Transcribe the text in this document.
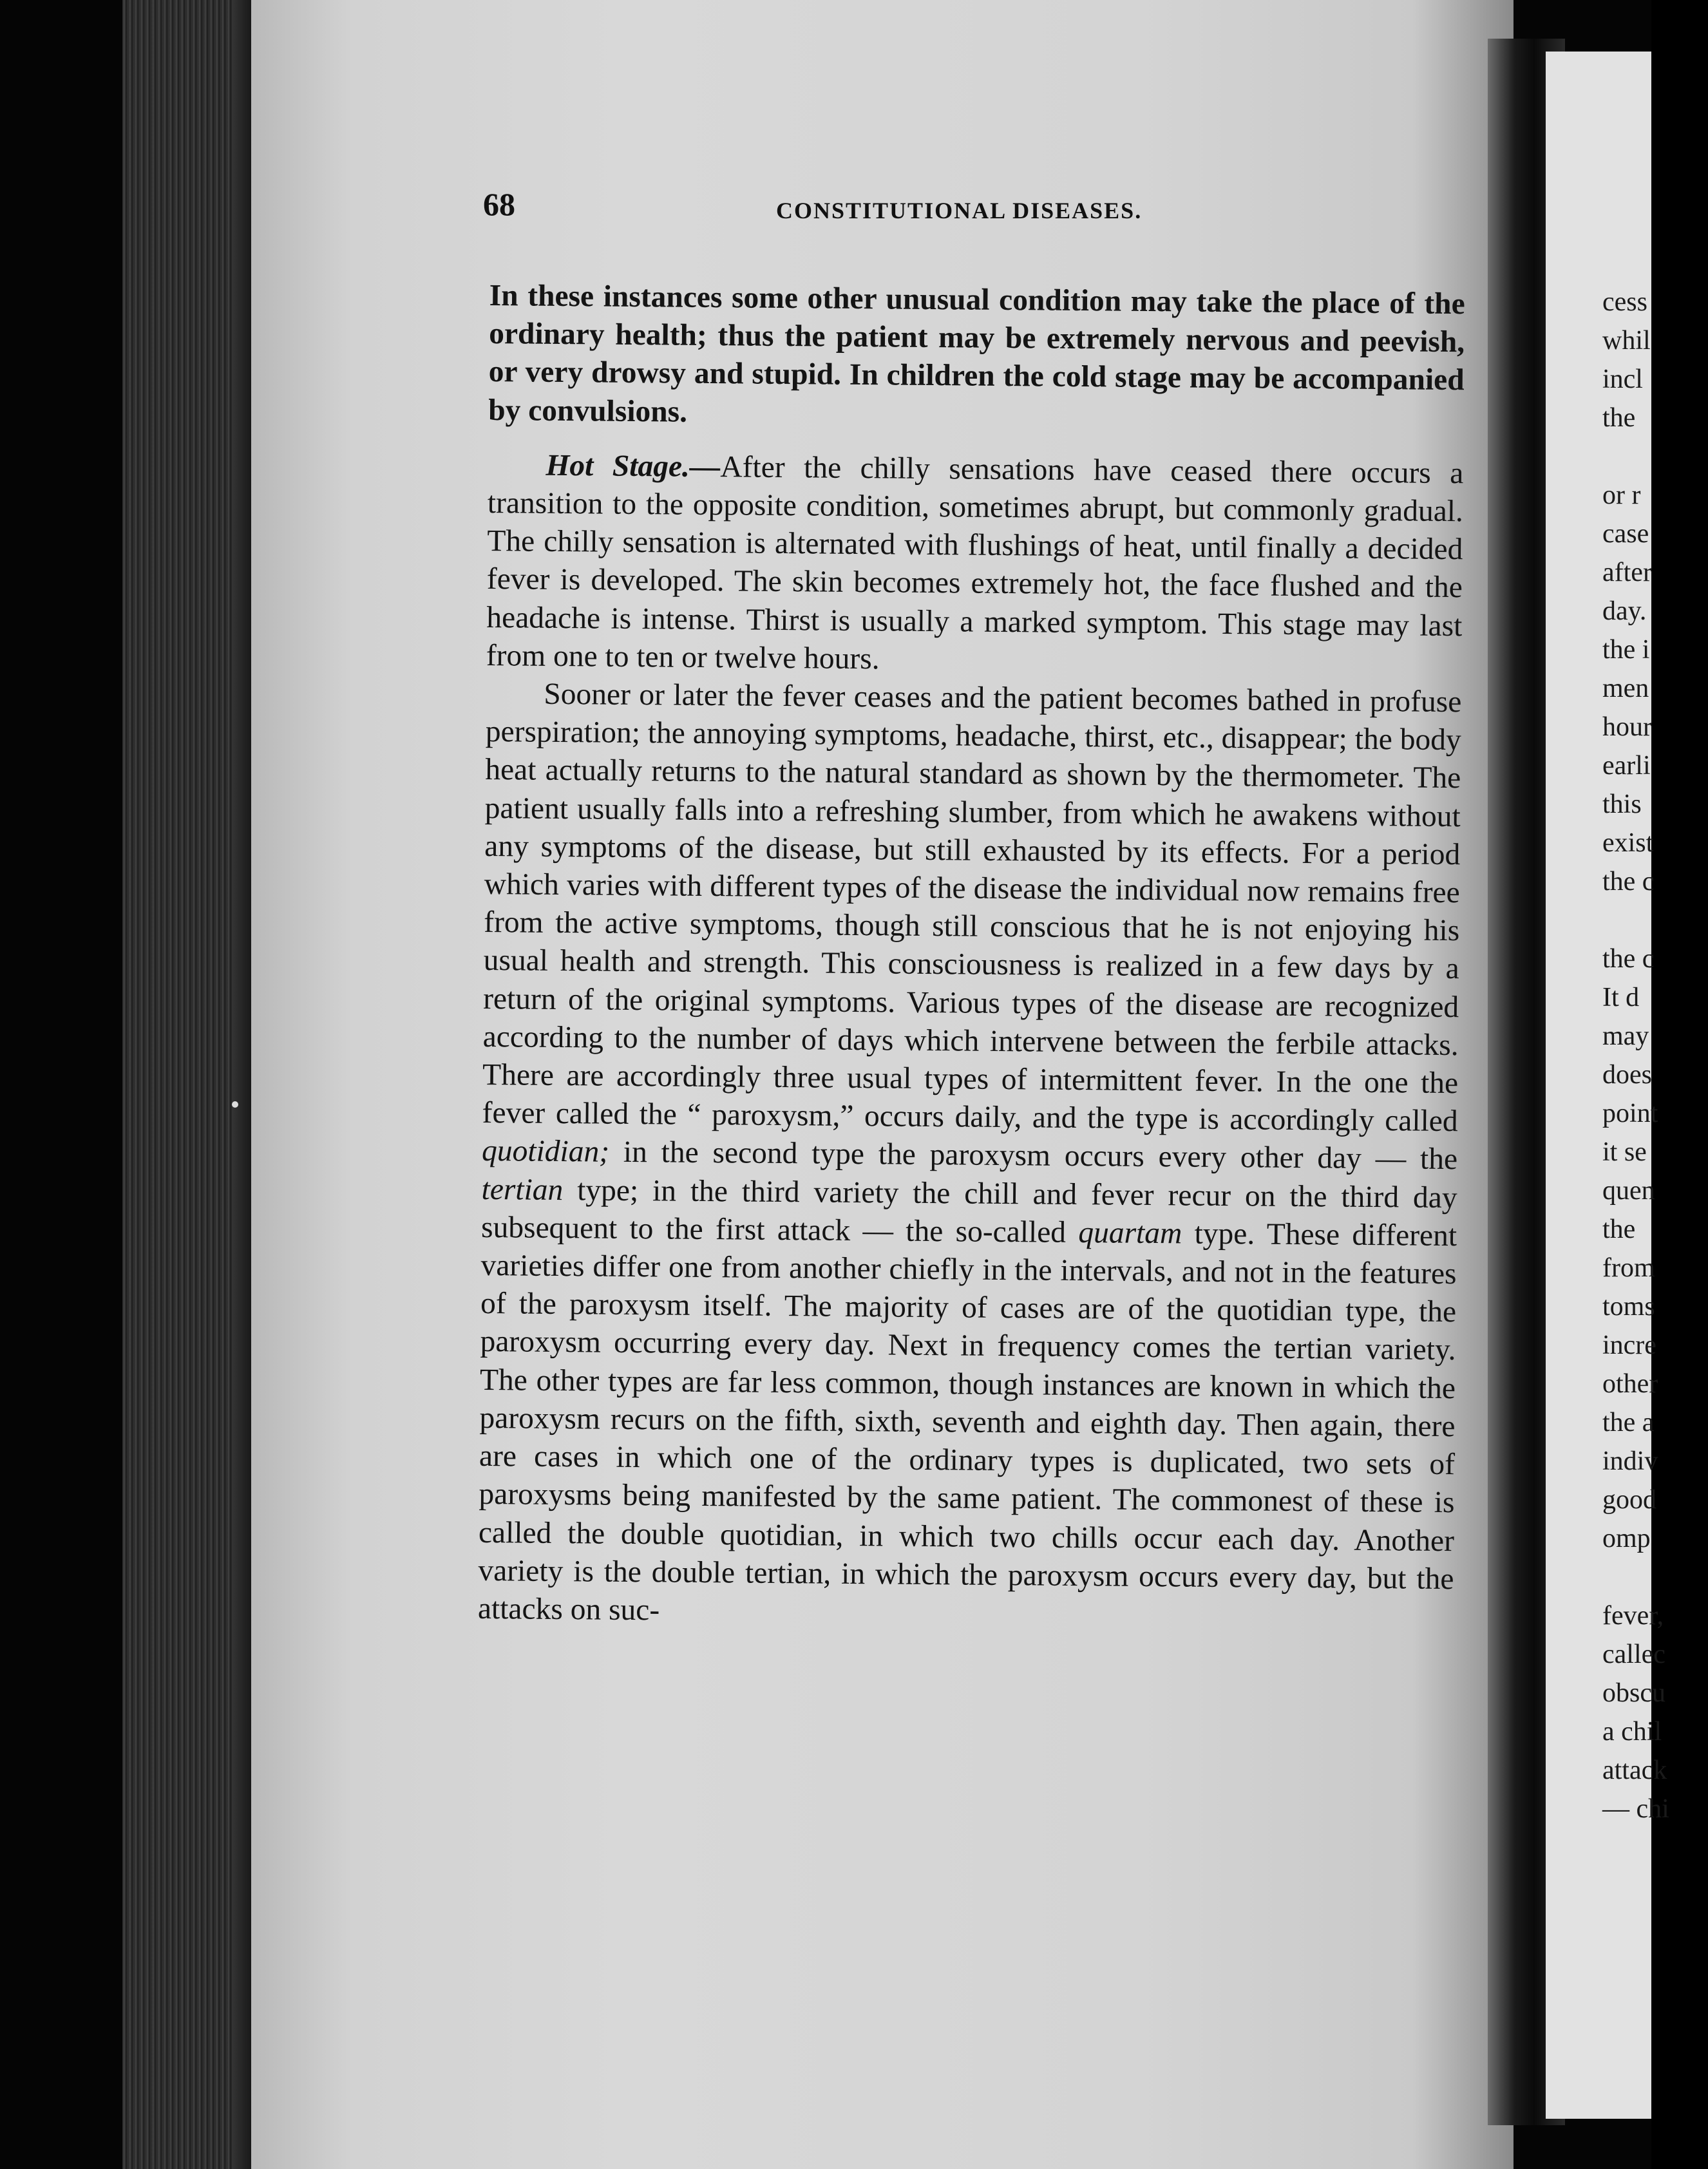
cess
whil
incl
the
or r
case
after
day.
the i
men
hour
earli
this
exist
the c
the c
It d
may
does
point
it se
quen
the
from
toms
incre
other
the a
indiv
good
omp
fever,
callec
obscu
a chil
attack
— chi
68	CONSTITUTIONAL DISEASES.

In these instances some other unusual condition may take the place of the ordinary health; thus the patient may be extremely nervous and peevish, or very drowsy and stupid. In children the cold stage may be accompanied by convulsions.

Hot Stage.—After the chilly sensations have ceased there occurs a transition to the opposite condition, sometimes abrupt, but commonly gradual. The chilly sensation is alternated with flushings of heat, until finally a decided fever is developed. The skin becomes extremely hot, the face flushed and the headache is intense. Thirst is usually a marked symptom. This stage may last from one to ten or twelve hours.

Sooner or later the fever ceases and the patient becomes bathed in profuse perspiration; the annoying symptoms, headache, thirst, etc., disappear; the body heat actually returns to the natural standard as shown by the thermometer. The patient usually falls into a refreshing slumber, from which he awakens without any symptoms of the disease, but still exhausted by its effects. For a period which varies with different types of the disease the individual now remains free from the active symptoms, though still conscious that he is not enjoying his usual health and strength. This consciousness is realized in a few days by a return of the original symptoms. Various types of the disease are recognized according to the number of days which intervene between the ferbile attacks. There are accordingly three usual types of intermittent fever. In the one the fever called the “ paroxysm,” occurs daily, and the type is accordingly called quotidian; in the second type the paroxysm occurs every other day — the tertian type; in the third variety the chill and fever recur on the third day subsequent to the first attack — the so-called quartam type. These different varieties differ one from another chiefly in the intervals, and not in the features of the paroxysm itself. The majority of cases are of the quotidian type, the paroxysm occurring every day. Next in frequency comes the tertian variety. The other types are far less common, though instances are known in which the paroxysm recurs on the fifth, sixth, seventh and eighth day. Then again, there are cases in which one of the ordinary types is duplicated, two sets of paroxysms being manifested by the same patient. The commonest of these is called the double quotidian, in which two chills occur each day. Another variety is the double tertian, in which the paroxysm occurs every day, but the attacks on suc-
